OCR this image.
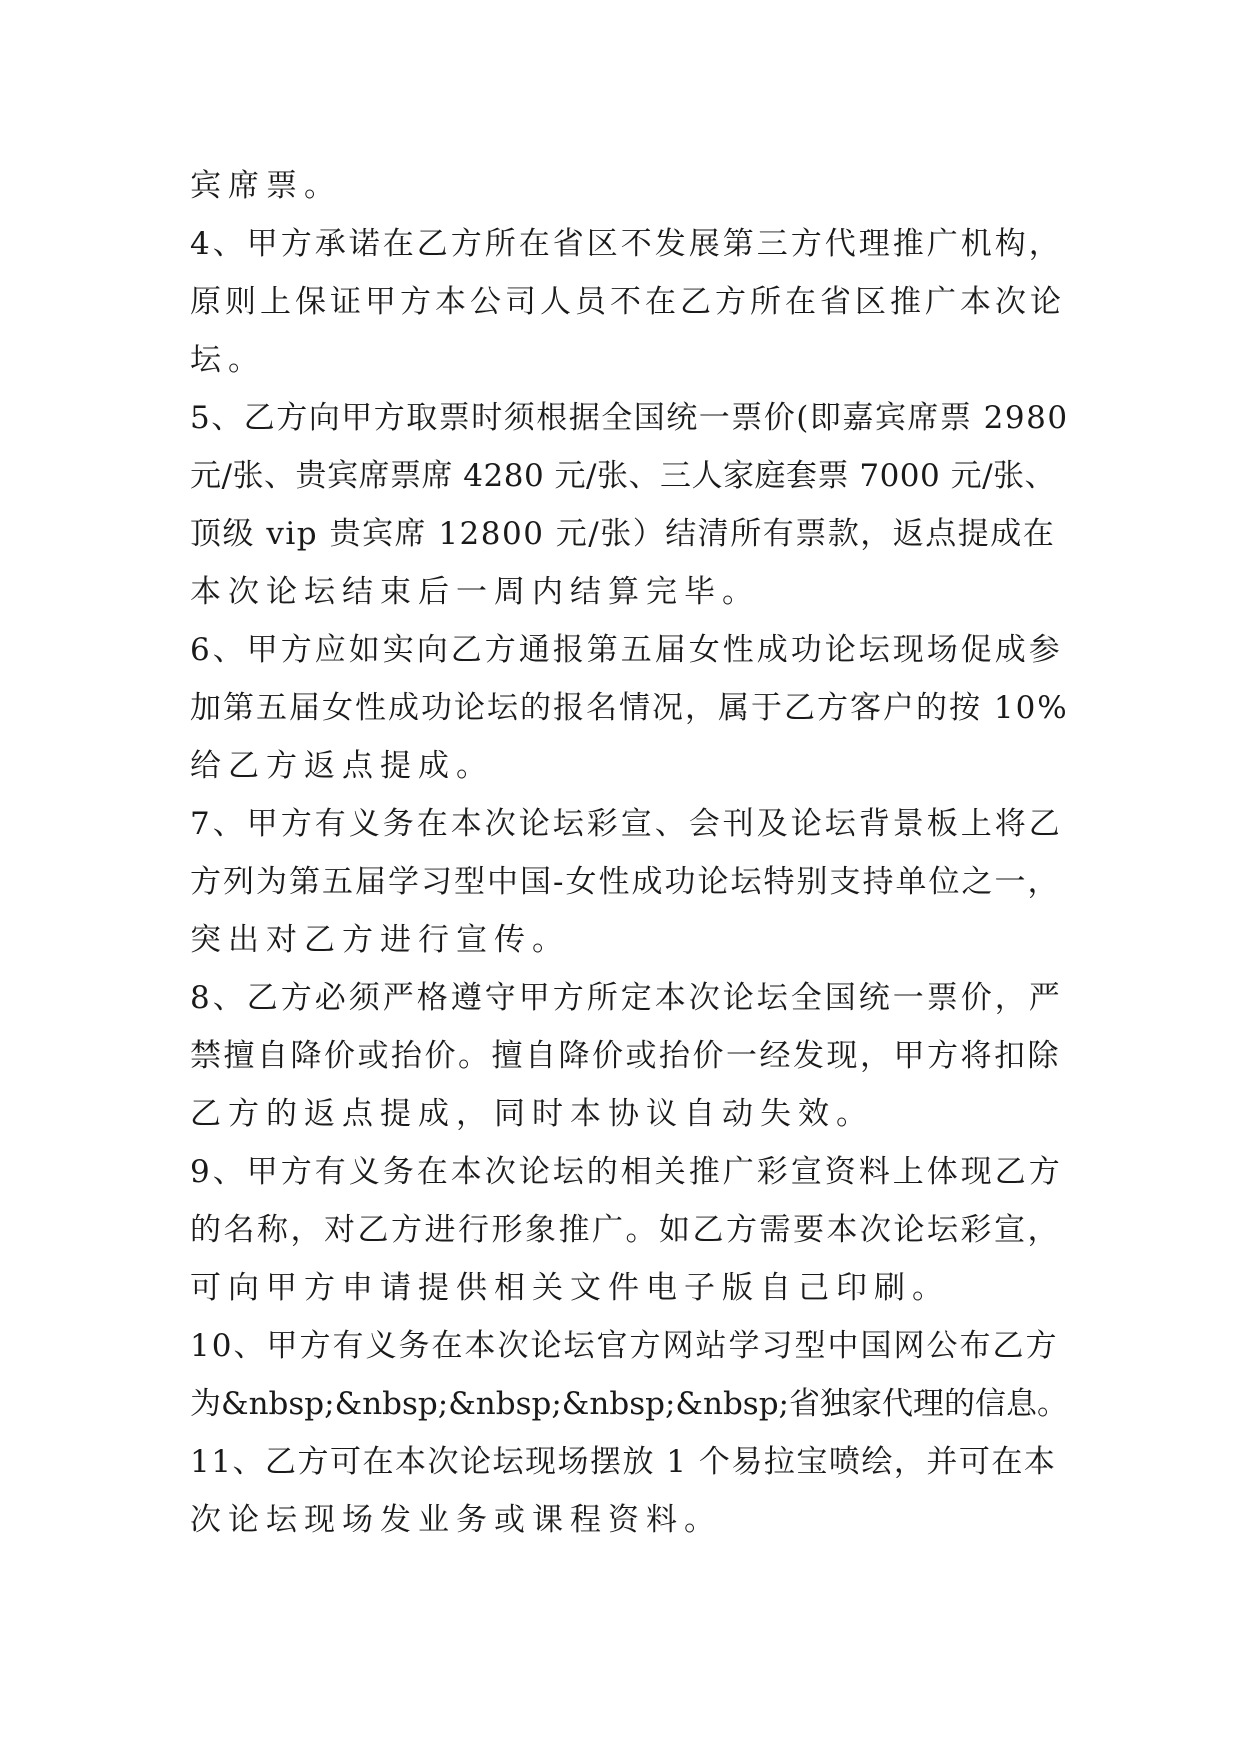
宾席票。
4、甲方承诺在乙方所在省区不发展第三方代理推广机构，
原则上保证甲方本公司人员不在乙方所在省区推广本次论
坛。
5、乙方向甲方取票时须根据全国统一票价(即嘉宾席票 2980
元/张、贵宾席票席 4280 元/张、三人家庭套票 7000 元/张、
顶级 vip 贵宾席 12800 元/张）结清所有票款，返点提成在
本次论坛结束后一周内结算完毕。
6、甲方应如实向乙方通报第五届女性成功论坛现场促成参
加第五届女性成功论坛的报名情况，属于乙方客户的按 10%
给乙方返点提成。
7、甲方有义务在本次论坛彩宣、会刊及论坛背景板上将乙
方列为第五届学习型中国-女性成功论坛特别支持单位之一，
突出对乙方进行宣传。
8、乙方必须严格遵守甲方所定本次论坛全国统一票价，严
禁擅自降价或抬价。擅自降价或抬价一经发现，甲方将扣除
乙方的返点提成，同时本协议自动失效。
9、甲方有义务在本次论坛的相关推广彩宣资料上体现乙方
的名称，对乙方进行形象推广。如乙方需要本次论坛彩宣，
可向甲方申请提供相关文件电子版自己印刷。
10、甲方有义务在本次论坛官方网站学习型中国网公布乙方
为&nbsp;&nbsp;&nbsp;&nbsp;&nbsp;省独家代理的信息。
11、乙方可在本次论坛现场摆放 1 个易拉宝喷绘，并可在本
次论坛现场发业务或课程资料。
